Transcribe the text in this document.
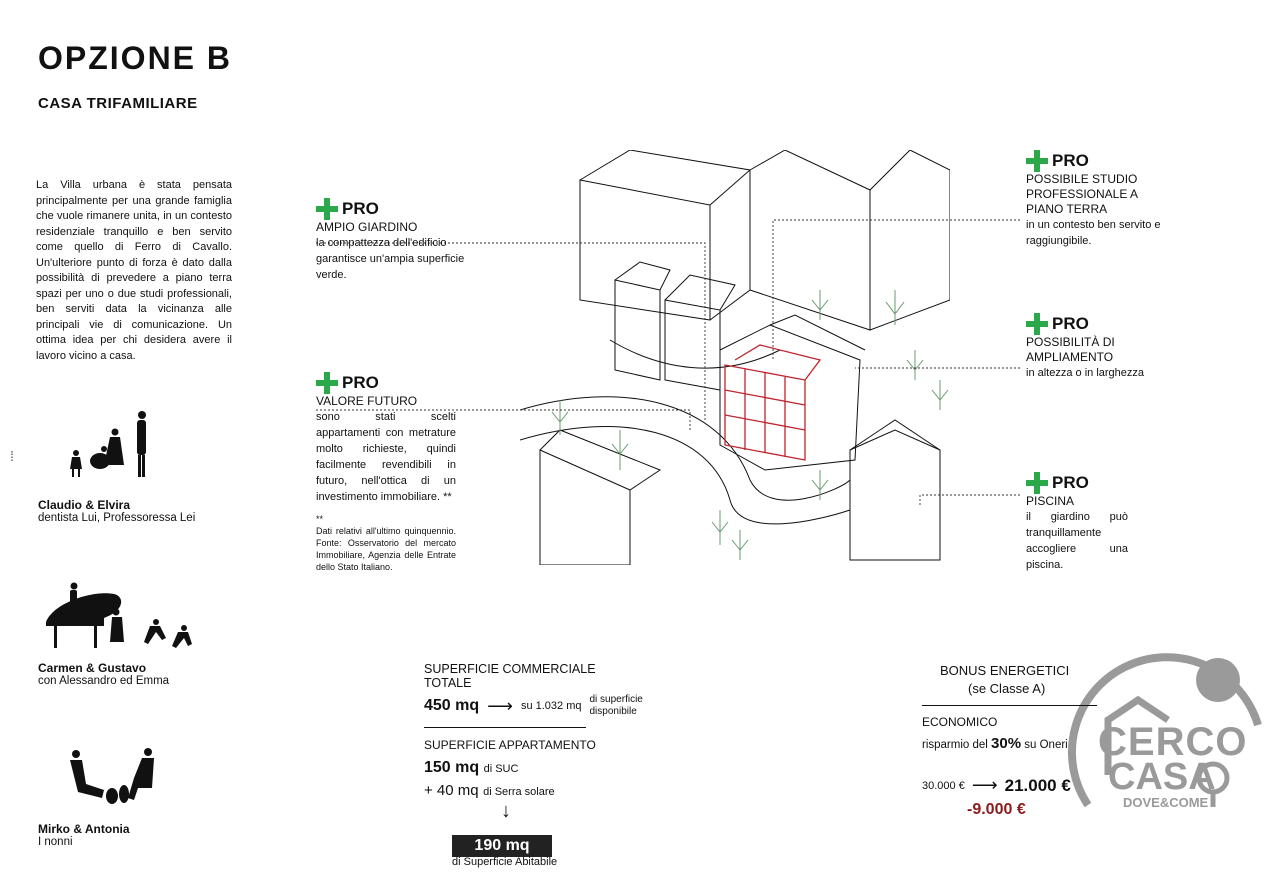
OPZIONE B
CASA TRIFAMILIARE
La Villa urbana è stata pensata principalmente per una grande famiglia che vuole rimanere unita, in un contesto residenziale tranquillo e ben servito come quello di Ferro di Cavallo. Un'ulteriore punto di forza è dato dalla possibilità di prevedere a piano terra spazi per uno o due studi professionali, ben serviti data la vicinanza alle principali vie di comunicazione. Un ottima idea per chi desidera avere il lavoro vicino a casa.
⁞
Claudio & Elvira
dentista Lui, Professoressa Lei
Carmen & Gustavo
con Alessandro ed Emma
Mirko & Antonia
I nonni
PRO
AMPIO GIARDINO
la compattezza dell'edificio garantisce un'ampia superficie verde.
PRO
VALORE FUTURO
sono stati scelti appartamenti con metrature molto richieste, quindi facilmente revendibili in futuro, nell'ottica di un investimento immobiliare. **
**
Dati relativi all'ultimo quinquennio. Fonte: Osservatorio del mercato Immobiliare, Agenzia delle Entrate dello Stato Italiano.
PRO
POSSIBILE STUDIO PROFESSIONALE A PIANO TERRA
in un contesto ben servito e raggiungibile.
PRO
POSSIBILITÀ DI AMPLIAMENTO
in altezza o in larghezza
PRO
PISCINA
il giardino può tranquillamente accogliere una piscina.
SUPERFICIE COMMERCIALE TOTALE
450 mq ⟶ su 1.032 mq
di superficie disponibile
SUPERFICIE APPARTAMENTO
150 mq di SUC
+ 40 mq di Serra solare
↓
190 mq
di Superficie Abitabile
CERCO
CASA
DOVE&COME
BONUS ENERGETICI
(se Classe A)
ECONOMICO
risparmio del 30% su Oneri
30.000 € ⟶ 21.000 €
-9.000 €
